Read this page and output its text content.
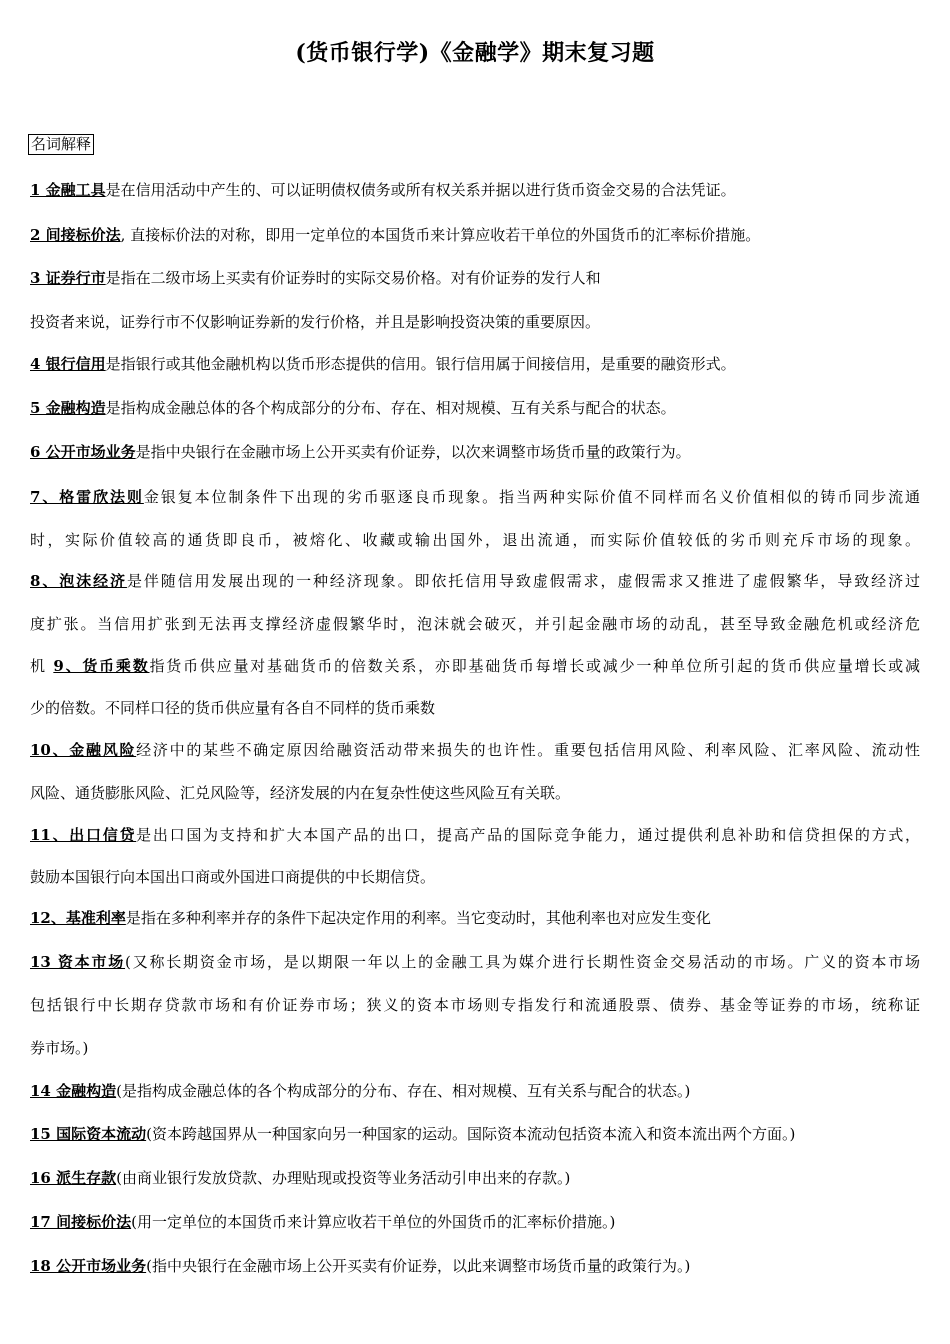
(货币银行学)《金融学》期末复习题
名词解释
1 金融工具是在信用活动中产生的、可以证明债权债务或所有权关系并据以进行货币资金交易的合法凭证。
2 间接标价法, 直接标价法的对称，即用一定单位的本国货币来计算应收若干单位的外国货币的汇率标价措施。
3 证券行市是指在二级市场上买卖有价证券时的实际交易价格。对有价证券的发行人和
投资者来说，证券行市不仅影响证券新的发行价格，并且是影响投资决策的重要原因。
4 银行信用是指银行或其他金融机构以货币形态提供的信用。银行信用属于间接信用，是重要的融资形式。
5 金融构造是指构成金融总体的各个构成部分的分布、存在、相对规模、互有关系与配合的状态。
6 公开市场业务是指中央银行在金融市场上公开买卖有价证券，以次来调整市场货币量的政策行为。
7、格雷欣法则金银复本位制条件下出现的劣币驱逐良币现象。指当两种实际价值不同样而名义价值相似的铸币同步流通
时，实际价值较高的通货即良币，被熔化、收藏或输出国外，退出流通，而实际价值较低的劣币则充斥市场的现象。
8、泡沫经济是伴随信用发展出现的一种经济现象。即依托信用导致虚假需求，虚假需求又推进了虚假繁华，导致经济过
度扩张。当信用扩张到无法再支撑经济虚假繁华时，泡沫就会破灭，并引起金融市场的动乱，甚至导致金融危机或经济危
机 9、货币乘数指货币供应量对基础货币的倍数关系，亦即基础货币每增长或减少一种单位所引起的货币供应量增长或减
少的倍数。不同样口径的货币供应量有各自不同样的货币乘数
10、金融风险经济中的某些不确定原因给融资活动带来损失的也许性。重要包括信用风险、利率风险、汇率风险、流动性
风险、通货膨胀风险、汇兑风险等，经济发展的内在复杂性使这些风险互有关联。
11、出口信贷是出口国为支持和扩大本国产品的出口，提高产品的国际竞争能力，通过提供利息补助和信贷担保的方式，
鼓励本国银行向本国出口商或外国进口商提供的中长期信贷。
12、基准利率是指在多种利率并存的条件下起决定作用的利率。当它变动时，其他利率也对应发生变化
13 资本市场(又称长期资金市场，是以期限一年以上的金融工具为媒介进行长期性资金交易活动的市场。广义的资本市场
包括银行中长期存贷款市场和有价证券市场；狭义的资本市场则专指发行和流通股票、债券、基金等证券的市场，统称证
券市场。)
14 金融构造(是指构成金融总体的各个构成部分的分布、存在、相对规模、互有关系与配合的状态。)
15 国际资本流动(资本跨越国界从一种国家向另一种国家的运动。国际资本流动包括资本流入和资本流出两个方面。)
16 派生存款(由商业银行发放贷款、办理贴现或投资等业务活动引申出来的存款。)
17 间接标价法(用一定单位的本国货币来计算应收若干单位的外国货币的汇率标价措施。)
18 公开市场业务(指中央银行在金融市场上公开买卖有价证券，以此来调整市场货币量的政策行为。)
